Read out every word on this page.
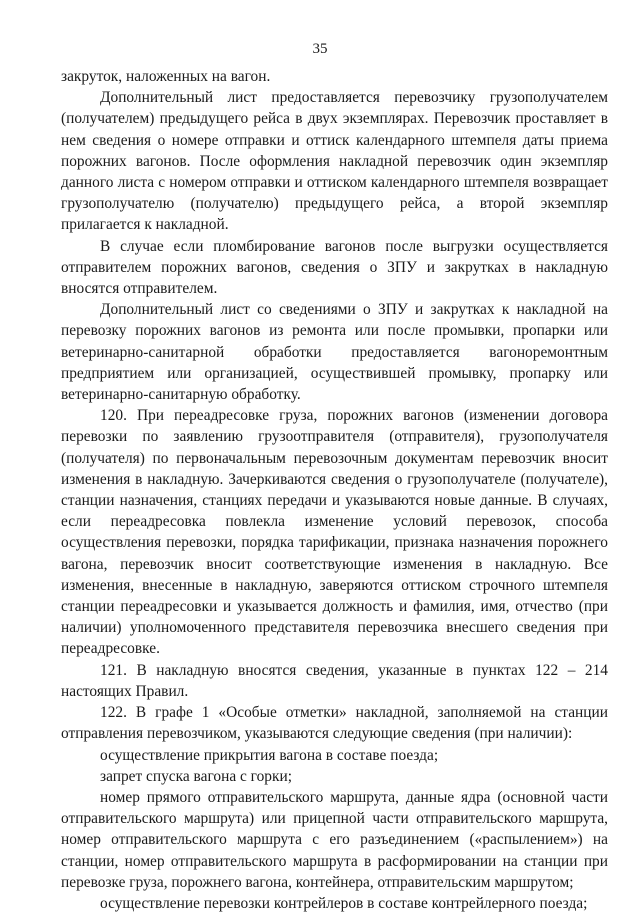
35

закруток, наложенных на вагон.

Дополнительный лист предоставляется перевозчику грузополучателем (получателем) предыдущего рейса в двух экземплярах. Перевозчик проставляет в нем сведения о номере отправки и оттиск календарного штемпеля даты приема порожних вагонов. После оформления накладной перевозчик один экземпляр данного листа с номером отправки и оттиском календарного штемпеля возвращает грузополучателю (получателю) предыдущего рейса, а второй экземпляр прилагается к накладной.

В случае если пломбирование вагонов после выгрузки осуществляется отправителем порожних вагонов, сведения о ЗПУ и закрутках в накладную вносятся отправителем.

Дополнительный лист со сведениями о ЗПУ и закрутках к накладной на перевозку порожних вагонов из ремонта или после промывки, пропарки или ветеринарно-санитарной обработки предоставляется вагоноремонтным предприятием или организацией, осуществившей промывку, пропарку или ветеринарно-санитарную обработку.

120. При переадресовке груза, порожних вагонов (изменении договора перевозки по заявлению грузоотправителя (отправителя), грузополучателя (получателя) по первоначальным перевозочным документам перевозчик вносит изменения в накладную. Зачеркиваются сведения о грузополучателе (получателе), станции назначения, станциях передачи и указываются новые данные. В случаях, если переадресовка повлекла изменение условий перевозок, способа осуществления перевозки, порядка тарификации, признака назначения порожнего вагона, перевозчик вносит соответствующие изменения в накладную. Все изменения, внесенные в накладную, заверяются оттиском строчного штемпеля станции переадресовки и указывается должность и фамилия, имя, отчество (при наличии) уполномоченного представителя перевозчика внесшего сведения при переадресовке.

121. В накладную вносятся сведения, указанные в пунктах 122 – 214 настоящих Правил.

122. В графе 1 «Особые отметки» накладной, заполняемой на станции отправления перевозчиком, указываются следующие сведения (при наличии):

осуществление прикрытия вагона в составе поезда;

запрет спуска вагона с горки;

номер прямого отправительского маршрута, данные ядра (основной части отправительского маршрута) или прицепной части отправительского маршрута, номер отправительского маршрута с его разъединением («распылением») на станции, номер отправительского маршрута в расформировании на станции при перевозке груза, порожнего вагона, контейнера, отправительским маршрутом;

осуществление перевозки контрейлеров в составе контрейлерного поезда;
